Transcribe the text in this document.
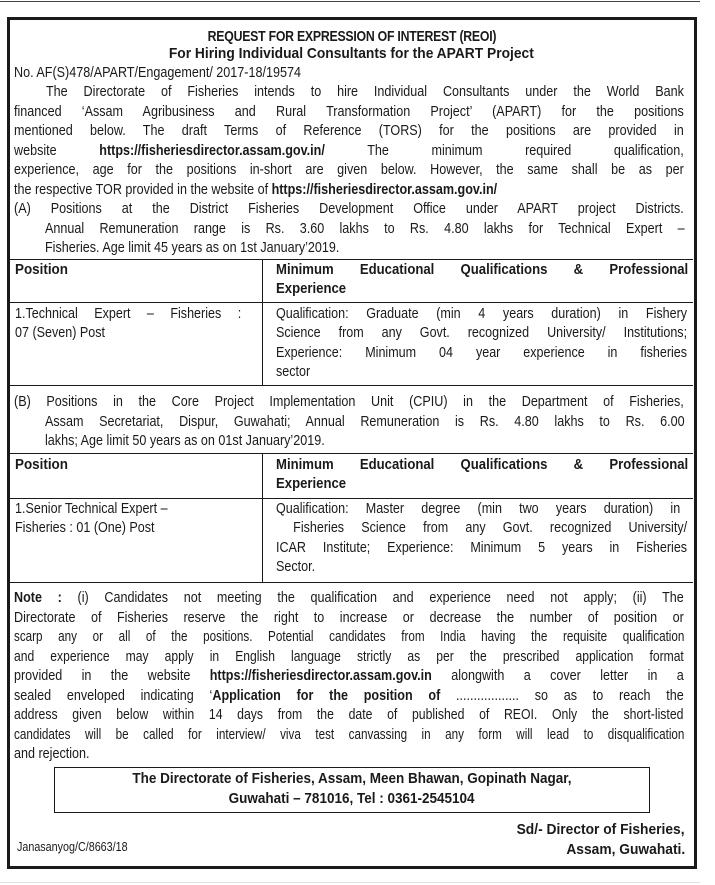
REQUEST FOR EXPRESSION OF INTEREST (REOI)
For Hiring Individual Consultants for the APART Project
No. AF(S)478/APART/Engagement/ 2017-18/19574
The Directorate of Fisheries intends to hire Individual Consultants under the World Bank
financed ‘Assam Agribusiness and Rural Transformation Project’ (APART) for the positions
mentioned below. The draft Terms of Reference (TORS) for the positions are provided in
website https://fisheriesdirector.assam.gov.in/ The minimum required qualification,
experience, age for the positions in-short are given below. However, the same shall be as per
the respective TOR provided in the website of https://fisheriesdirector.assam.gov.in/
(A) Positions at the District Fisheries Development Office under APART project Districts.
Annual Remuneration range is Rs. 3.60 lakhs to Rs. 4.80 lakhs for Technical Expert –
Fisheries. Age limit 45 years as on 1st January’2019.
Position	Minimum Educational Qualifications & Professional
Experience
1.Technical Expert – Fisheries :
07 (Seven) Post
Qualification: Graduate (min 4 years duration) in Fishery
Science from any Govt. recognized University/ Institutions;
Experience: Minimum 04 year experience in fisheries
sector
(B) Positions in the Core Project Implementation Unit (CPIU) in the Department of Fisheries,
Assam Secretariat, Dispur, Guwahati; Annual Remuneration is Rs. 4.80 lakhs to Rs. 6.00
lakhs; Age limit 50 years as on 01st January’2019.
Position	Minimum Educational Qualifications & Professional
Experience
1.Senior Technical Expert –
Fisheries : 01 (One) Post
Qualification: Master degree (min two years duration) in
Fisheries Science from any Govt. recognized University/
ICAR Institute; Experience: Minimum 5 years in Fisheries
Sector.
Note : (i) Candidates not meeting the qualification and experience need not apply; (ii) The
Directorate of Fisheries reserve the right to increase or decrease the number of position or
scarp any or all of the positions. Potential candidates from India having the requisite qualification
and experience may apply in English language strictly as per the prescribed application format
provided in the website https://fisheriesdirector.assam.gov.in alongwith a cover letter in a
sealed enveloped indicating ‘Application for the position of .................. so as to reach the
address given below within 14 days from the date of published of REOI. Only the short-listed
candidates will be called for interview/ viva test canvassing in any form will lead to disqualification
and rejection.
The Directorate of Fisheries, Assam, Meen Bhawan, Gopinath Nagar,
Guwahati – 781016, Tel : 0361-2545104
Sd/- Director of Fisheries,
Assam, Guwahati.
Janasanyog/C/8663/18
